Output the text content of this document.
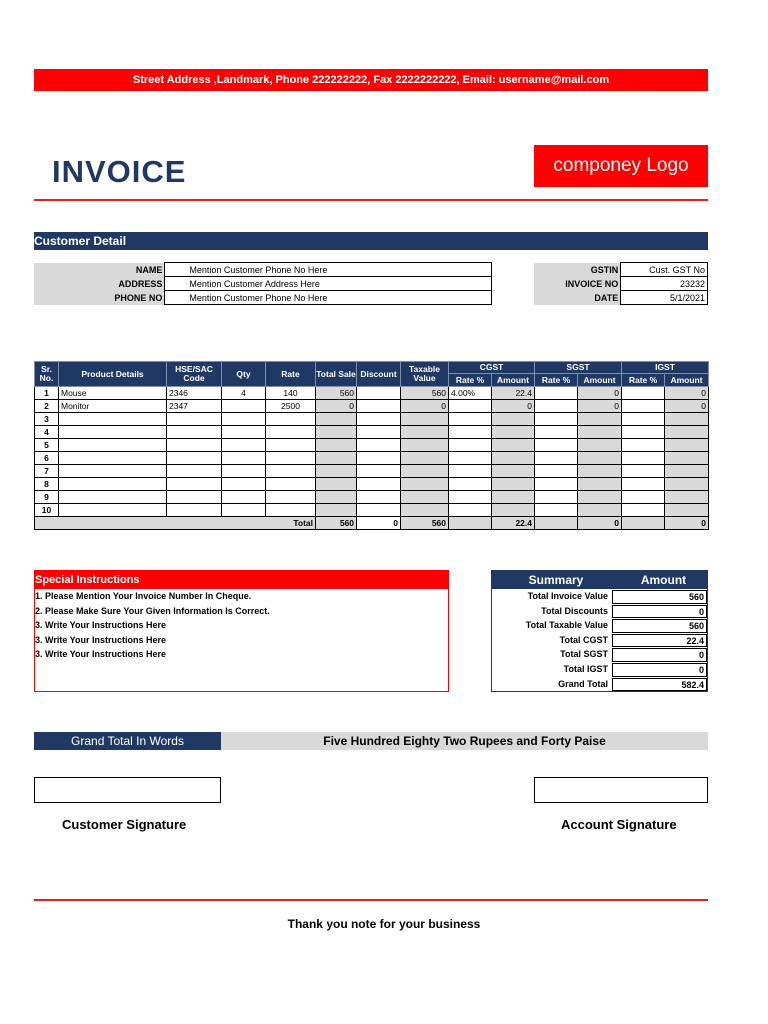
Street Address ,Landmark, Phone 222222222, Fax 2222222222, Email: username@mail.com
INVOICE	componey Logo
Customer Detail
NAME	Mention Customer Phone No Here
ADDRESS	Mention Customer Address Here
PHONE NO	Mention Customer Phone No Here
GSTIN	Cust. GST No
INVOICE NO	23232
DATE	5/1/2021
Sr. No.	Product Details	HSE/SAC Code	Qty	Rate	Total Sale	Discount	Taxable Value	CGST		SGST		IGST	
								Rate %	Amount	Rate %	Amount	Rate %	Amount
1	Mouse	2346	4	140	560		560	4.00%	22.4		0		0
2	Monitor	2347		2500	0		0		0		0		0
3													
4													
5													
6													
7													
8													
9													
10													
Total					560	0	560		22.4		0		0
Special Instructions
1. Please Mention Your Invoice Number In Cheque.
2. Please Make Sure Your Given Information Is Correct.
3. Write Your Instructions Here
3. Write Your Instructions Here
3. Write Your Instructions Here
Summary	Amount
Total Invoice Value	560
Total Discounts	0
Total Taxable Value	560
Total CGST	22.4
Total SGST	0
Total IGST	0
Grand Total	582.4
Grand Total In Words	Five Hundred Eighty Two Rupees and Forty Paise
Customer Signature	Account Signature
Thank you note for your business
